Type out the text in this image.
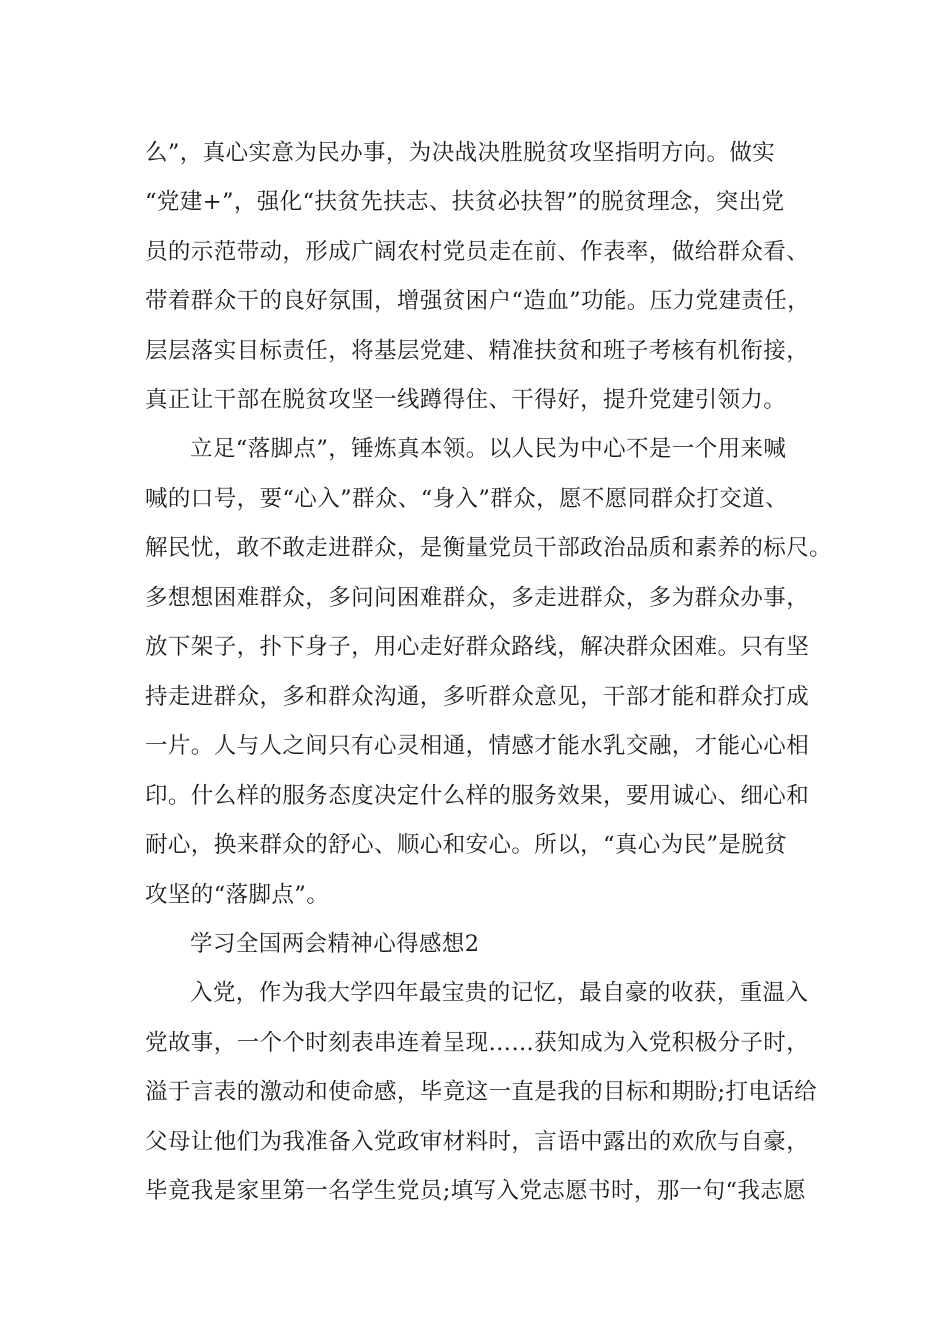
么”，真心实意为民办事，为决战决胜脱贫攻坚指明方向。做实
“党建+”，强化“扶贫先扶志、扶贫必扶智”的脱贫理念，突出党
员的示范带动，形成广阔农村党员走在前、作表率，做给群众看、
带着群众干的良好氛围，增强贫困户“造血”功能。压力党建责任，
层层落实目标责任，将基层党建、精准扶贫和班子考核有机衔接，
真正让干部在脱贫攻坚一线蹲得住、干得好，提升党建引领力。
立足“落脚点”，锤炼真本领。以人民为中心不是一个用来喊
喊的口号，要“心入”群众、“身入”群众，愿不愿同群众打交道、
解民忧，敢不敢走进群众，是衡量党员干部政治品质和素养的标尺。
多想想困难群众，多问问困难群众，多走进群众，多为群众办事，
放下架子，扑下身子，用心走好群众路线，解决群众困难。只有坚
持走进群众，多和群众沟通，多听群众意见，干部才能和群众打成
一片。人与人之间只有心灵相通，情感才能水乳交融，才能心心相
印。什么样的服务态度决定什么样的服务效果，要用诚心、细心和
耐心，换来群众的舒心、顺心和安心。所以，“真心为民”是脱贫
攻坚的“落脚点”。
学习全国两会精神心得感想2
入党，作为我大学四年最宝贵的记忆，最自豪的收获，重温入
党故事，一个个时刻表串连着呈现……获知成为入党积极分子时，
溢于言表的激动和使命感，毕竟这一直是我的目标和期盼;打电话给
父母让他们为我准备入党政审材料时，言语中露出的欢欣与自豪，
毕竟我是家里第一名学生党员;填写入党志愿书时，那一句“我志愿
